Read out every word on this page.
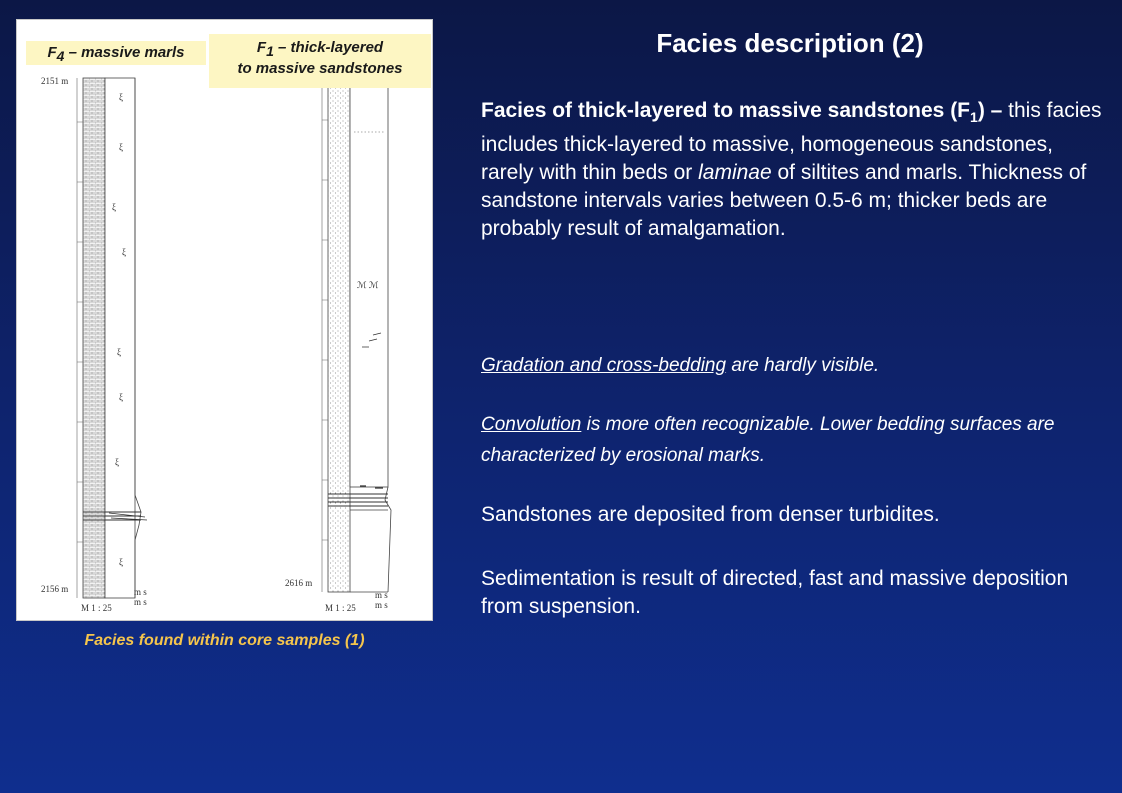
ξ
ξ
ξ
ξ
ξ
ξ
ξ
ξ
2151 m
2156 m
M 1 : 25
m s
m s
ℳ ℳ
2616 m
M 1 : 25
m s
m s
$F_4$ – massive marls	$F_1$ – thick-layered
to massive sandstones
Facies found within core samples (1)
Facies description (2)
Facies of thick-layered to massive sandstones $(F_1)$ – this facies includes thick-layered to massive, homogeneous sandstones, rarely with thin beds or laminae of siltites and marls. Thickness of sandstone intervals varies between 0.5-6 m; thicker beds are probably result of amalgamation.
Gradation and cross-bedding are hardly visible.
Convolution is more often recognizable. Lower bedding surfaces are characterized by erosional marks.
Sandstones are deposited from denser turbidites.
Sedimentation is result of directed, fast and massive deposition from suspension.
